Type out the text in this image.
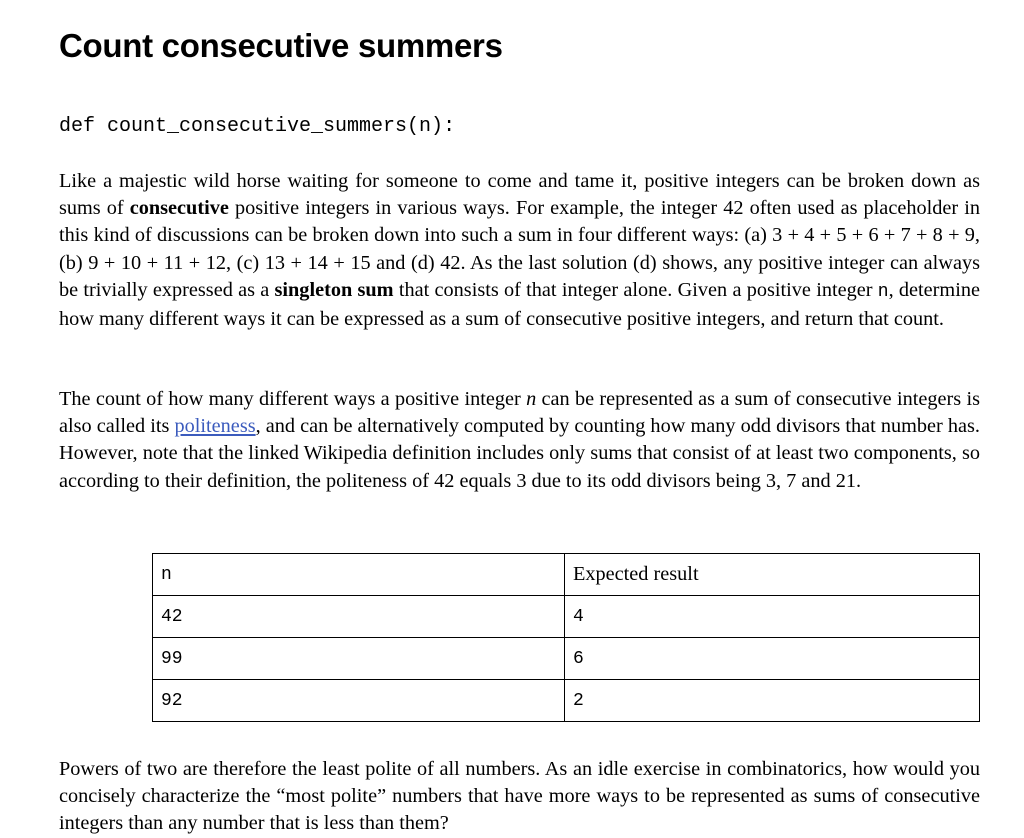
Count consecutive summers
def count_consecutive_summers(n):

Like a majestic wild horse waiting for someone to come and tame it, positive integers can be broken down as sums of consecutive positive integers in various ways. For example, the integer 42 often used as placeholder in this kind of discussions can be broken down into such a sum in four different ways: (a) 3 + 4 + 5 + 6 + 7 + 8 + 9, (b) 9 + 10 + 11 + 12, (c) 13 + 14 + 15 and (d) 42. As the last solution (d) shows, any positive integer can always be trivially expressed as a singleton sum that consists of that integer alone. Given a positive integer n, determine how many different ways it can be expressed as a sum of consecutive positive integers, and return that count.

The count of how many different ways a positive integer n can be represented as a sum of consecutive integers is also called its politeness, and can be alternatively computed by counting how many odd divisors that number has. However, note that the linked Wikipedia definition includes only sums that consist of at least two components, so according to their definition, the politeness of 42 equals 3 due to its odd divisors being 3, 7 and 21.

n	Expected result
42	4
99	6
92	2

Powers of two are therefore the least polite of all numbers. As an idle exercise in combinatorics, how would you concisely characterize the “most polite” numbers that have more ways to be represented as sums of consecutive integers than any number that is less than them?
